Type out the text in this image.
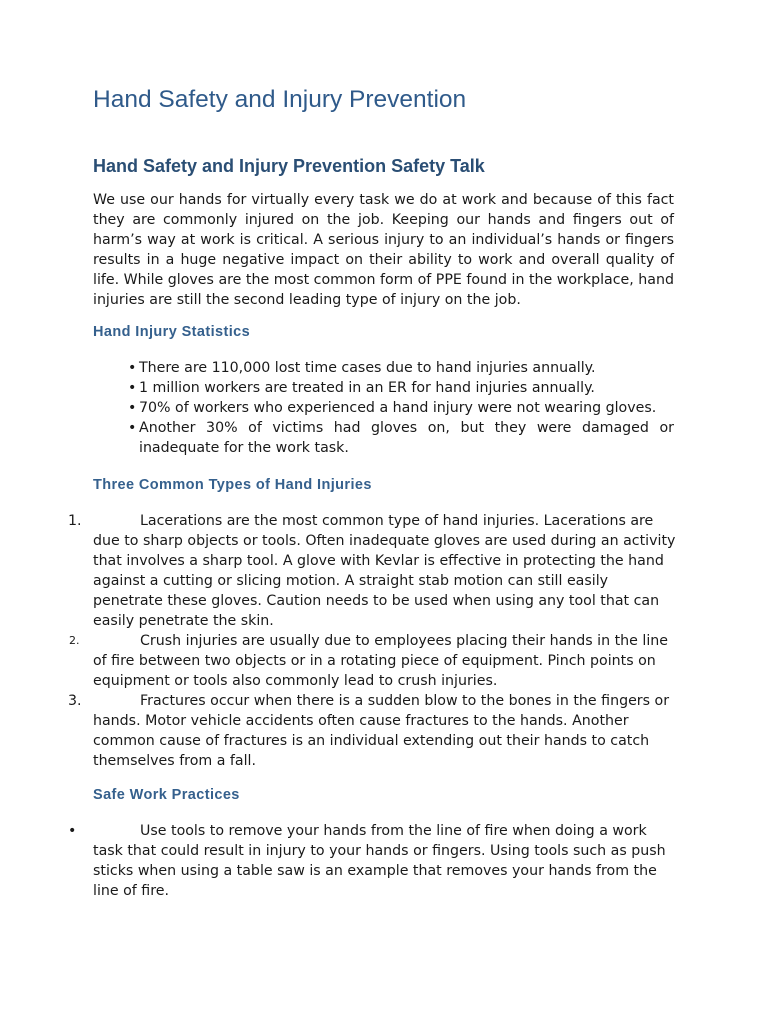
Hand Safety and Injury Prevention
Hand Safety and Injury Prevention Safety Talk

We use our hands for virtually every task we do at work and because of this fact they are commonly injured on the job. Keeping our hands and fingers out of harm’s way at work is critical. A serious injury to an individual’s hands or fingers results in a huge negative impact on their ability to work and overall quality of life. While gloves are the most common form of PPE found in the workplace, hand injuries are still the second leading type of injury on the job.

Hand Injury Statistics
• There are 110,000 lost time cases due to hand injuries annually.
• 1 million workers are treated in an ER for hand injuries annually.
• 70% of workers who experienced a hand injury were not wearing gloves.
• Another 30% of victims had gloves on, but they were damaged or inadequate for the work task.
Three Common Types of Hand Injuries
1.	Lacerations are the most common type of hand injuries. Lacerations are due to sharp objects or tools. Often inadequate gloves are used during an activity that involves a sharp tool. A glove with Kevlar is effective in protecting the hand against a cutting or slicing motion. A straight stab motion can still easily penetrate these gloves. Caution needs to be used when using any tool that can easily penetrate the skin.
2.	Crush injuries are usually due to employees placing their hands in the line of fire between two objects or in a rotating piece of equipment. Pinch points on equipment or tools also commonly lead to crush injuries.
3.	Fractures occur when there is a sudden blow to the bones in the fingers or hands. Motor vehicle accidents often cause fractures to the hands. Another common cause of fractures is an individual extending out their hands to catch themselves from a fall.
Safe Work Practices
•	Use tools to remove your hands from the line of fire when doing a work task that could result in injury to your hands or fingers. Using tools such as push sticks when using a table saw is an example that removes your hands from the line of fire.
